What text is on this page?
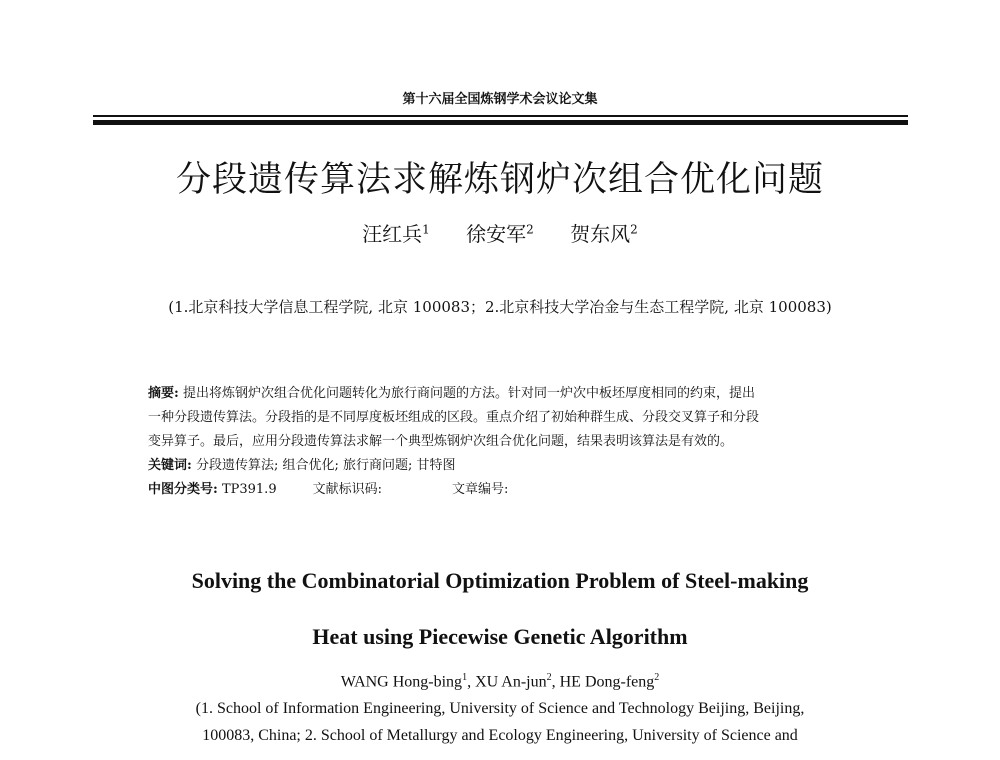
第十六届全国炼钢学术会议论文集
分段遗传算法求解炼钢炉次组合优化问题
汪红兵$^1$ 徐安军$^2$ 贺东风$^2$
(1.北京科技大学信息工程学院, 北京 100083；2.北京科技大学冶金与生态工程学院, 北京 100083)
摘要: 提出将炼钢炉次组合优化问题转化为旅行商问题的方法。针对同一炉次中板坯厚度相同的约束，提出
一种分段遗传算法。分段指的是不同厚度板坯组成的区段。重点介绍了初始种群生成、分段交叉算子和分段
变异算子。最后，应用分段遗传算法求解一个典型炼钢炉次组合优化问题，结果表明该算法是有效的。
关键词: 分段遗传算法; 组合优化; 旅行商问题; 甘特图
中图分类号: TP391.9	文献标识码:	文章编号:
Solving the Combinatorial Optimization Problem of Steel-making
Heat using Piecewise Genetic Algorithm
WANG Hong-bing$^1$, XU An-jun$^2$, HE Dong-feng$^2$
(1. School of Information Engineering, University of Science and Technology Beijing, Beijing,
100083, China; 2. School of Metallurgy and Ecology Engineering, University of Science and
